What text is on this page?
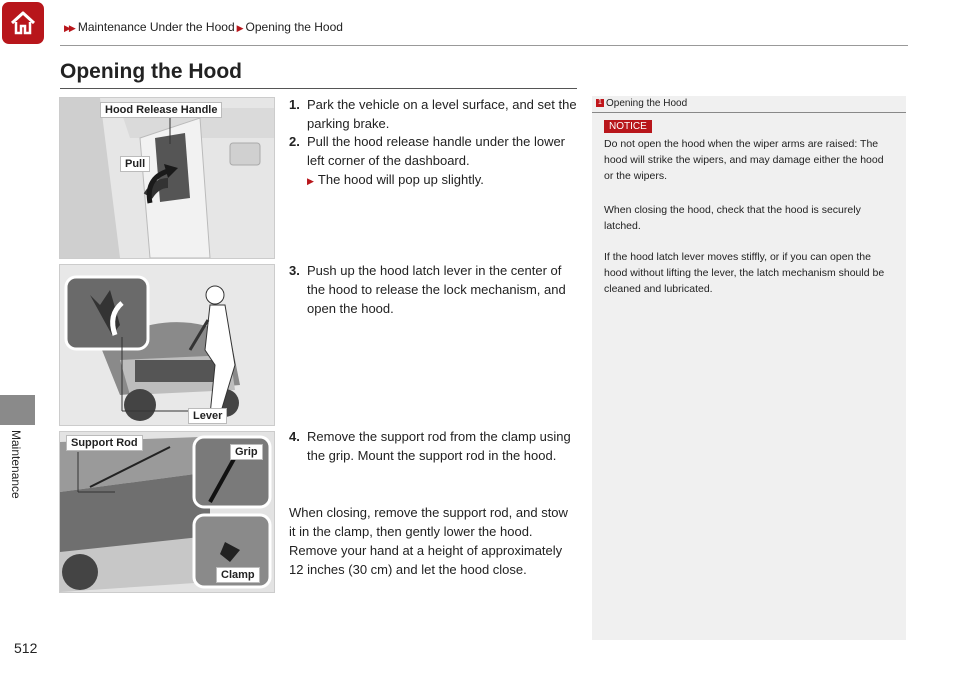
▶▶ Maintenance Under the Hood ▶ Opening the Hood
Maintenance
512
Opening the Hood
Hood Release Handle
Pull
Lever
Support Rod
Grip
Clamp
1. Park the vehicle on a level surface, and set the parking brake.
2. Pull the hood release handle under the lower left corner of the dashboard.
▶ The hood will pop up slightly.
3. Push up the hood latch lever in the center of the hood to release the lock mechanism, and open the hood.
4. Remove the support rod from the clamp using the grip. Mount the support rod in the hood.
When closing, remove the support rod, and stow it in the clamp, then gently lower the hood. Remove your hand at a height of approximately 12 inches (30 cm) and let the hood close.
1 Opening the Hood
NOTICE
Do not open the hood when the wiper arms are raised: The hood will strike the wipers, and may damage either the hood or the wipers.
When closing the hood, check that the hood is securely latched.
If the hood latch lever moves stiffly, or if you can open the hood without lifting the lever, the latch mechanism should be cleaned and lubricated.
